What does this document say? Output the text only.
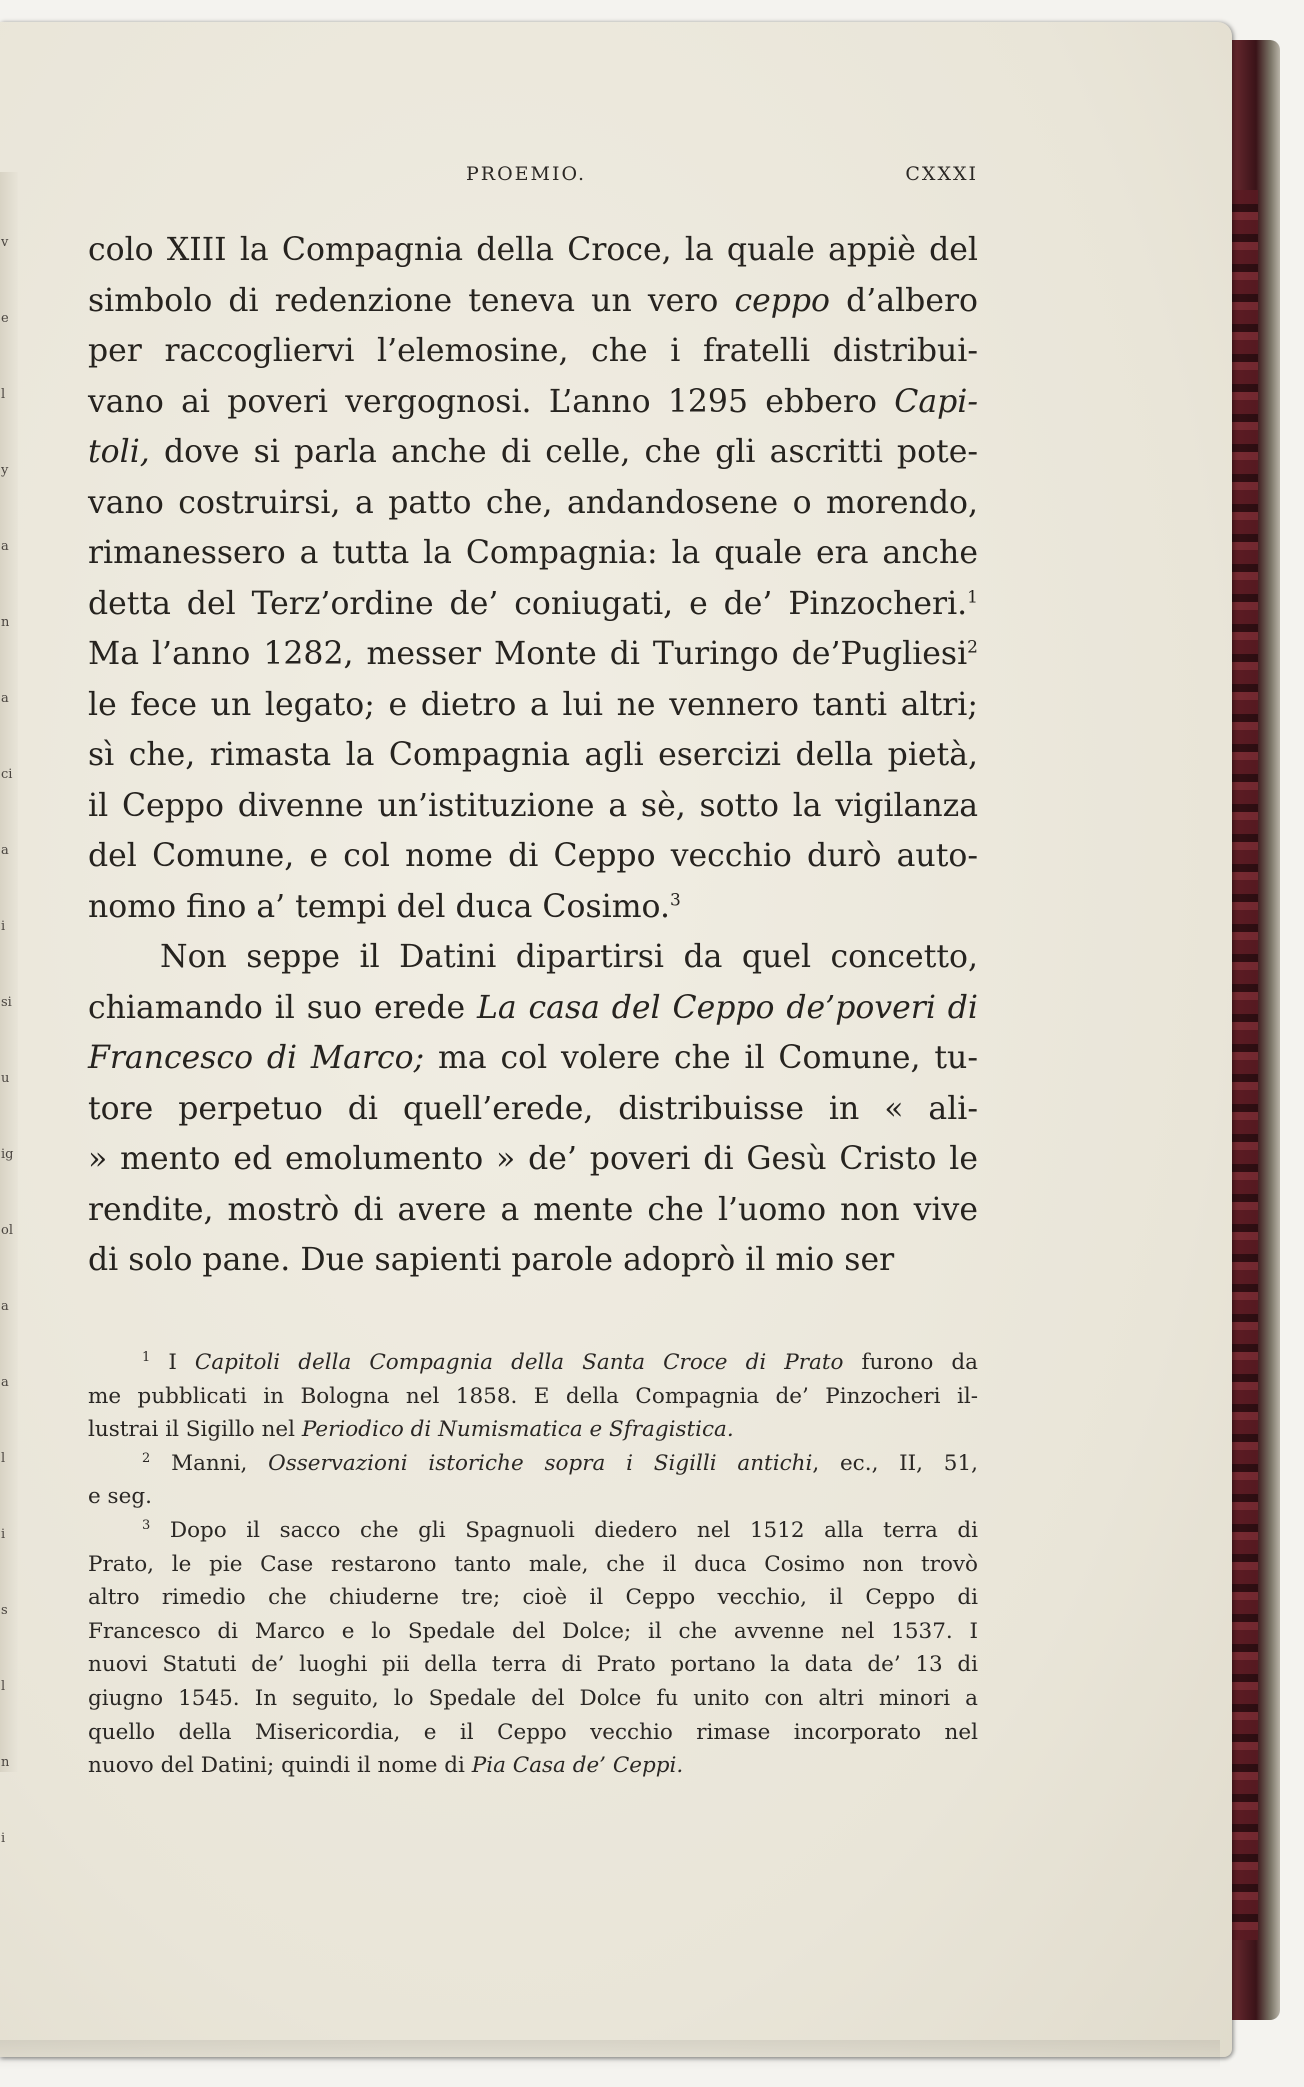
v
e
l
y
a
n
a
ci
a
i
si
u
ig
ol
a
a
l
i
s
l
n
i
PROEMIO.	CXXXI
colo XIII la Compagnia della Croce, la quale appiè del
simbolo di redenzione teneva un vero ceppo d’albero
per raccogliervi l’elemosine, che i fratelli distribui-
vano ai poveri vergognosi. L’anno 1295 ebbero Capi-
toli, dove si parla anche di celle, che gli ascritti pote-
vano costruirsi, a patto che, andandosene o morendo,
rimanessero a tutta la Compagnia: la quale era anche
detta del Terz’ordine de’ coniugati, e de’ Pinzocheri.$^1$
Ma l’anno 1282, messer Monte di Turingo de’Pugliesi$^2$
le fece un legato; e dietro a lui ne vennero tanti altri;
sì che, rimasta la Compagnia agli esercizi della pietà,
il Ceppo divenne un’istituzione a sè, sotto la vigilanza
del Comune, e col nome di Ceppo vecchio durò auto-
nomo fino a’ tempi del duca Cosimo.$^3$
Non seppe il Datini dipartirsi da quel concetto,
chiamando il suo erede La casa del Ceppo de’poveri di
Francesco di Marco; ma col volere che il Comune, tu-
tore perpetuo di quell’erede, distribuisse in « ali-
» mento ed emolumento » de’ poveri di Gesù Cristo le
rendite, mostrò di avere a mente che l’uomo non vive
di solo pane. Due sapienti parole adoprò il mio ser
$^1$ I Capitoli della Compagnia della Santa Croce di Prato furono da
me pubblicati in Bologna nel 1858. E della Compagnia de’ Pinzocheri il-
lustrai il Sigillo nel Periodico di Numismatica e Sfragistica.
$^2$ Manni, Osservazioni istoriche sopra i Sigilli antichi, ec., II, 51,
e seg.
$^3$ Dopo il sacco che gli Spagnuoli diedero nel 1512 alla terra di
Prato, le pie Case restarono tanto male, che il duca Cosimo non trovò
altro rimedio che chiuderne tre; cioè il Ceppo vecchio, il Ceppo di
Francesco di Marco e lo Spedale del Dolce; il che avvenne nel 1537. I
nuovi Statuti de’ luoghi pii della terra di Prato portano la data de’ 13 di
giugno 1545. In seguito, lo Spedale del Dolce fu unito con altri minori a
quello della Misericordia, e il Ceppo vecchio rimase incorporato nel
nuovo del Datini; quindi il nome di Pia Casa de’ Ceppi.
